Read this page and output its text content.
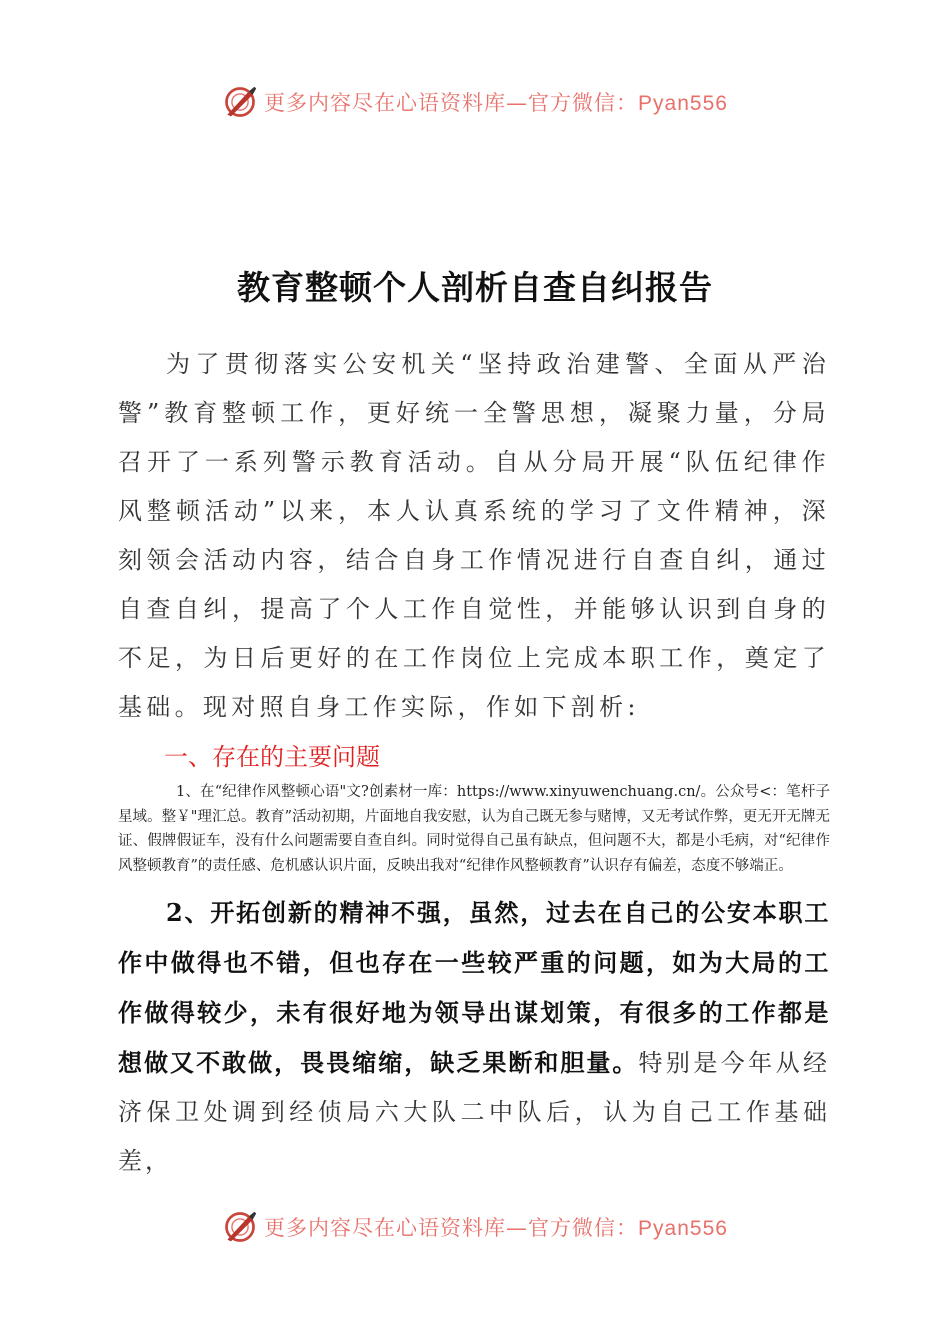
更多内容尽在心语资料库—官方微信：Pyan556
教育整顿个人剖析自查自纠报告

为了贯彻落实公安机关“坚持政治建警、全面从严治警”教育整顿工作，更好统一全警思想，凝聚力量，分局召开了一系列警示教育活动。自从分局开展“队伍纪律作风整顿活动”以来，本人认真系统的学习了文件精神，深刻领会活动内容，结合自身工作情况进行自查自纠，通过自查自纠，提高了个人工作自觉性，并能够认识到自身的不足，为日后更好的在工作岗位上完成本职工作，奠定了基础。现对照自身工作实际，作如下剖析:

一、存在的主要问题

1、在“纪律作风整顿心语"文?创素材一库：https://www.xinyuwenchuang.cn/。公众号<：笔杆子星域。整￥"理汇总。教育”活动初期，片面地自我安慰，认为自己既无参与赌博，又无考试作弊，更无开无牌无证、假牌假证车，没有什么问题需要自查自纠。同时觉得自己虽有缺点，但问题不大，都是小毛病，对“纪律作风整顿教育”的责任感、危机感认识片面，反映出我对“纪律作风整顿教育”认识存有偏差，态度不够端正。

2、开拓创新的精神不强，虽然，过去在自己的公安本职工作中做得也不错，但也存在一些较严重的问题，如为大局的工作做得较少，未有很好地为领导出谋划策，有很多的工作都是想做又不敢做，畏畏缩缩，缺乏果断和胆量。特别是今年从经济保卫处调到经侦局六大队二中队后，认为自己工作基础差，

更多内容尽在心语资料库—官方微信：Pyan556
